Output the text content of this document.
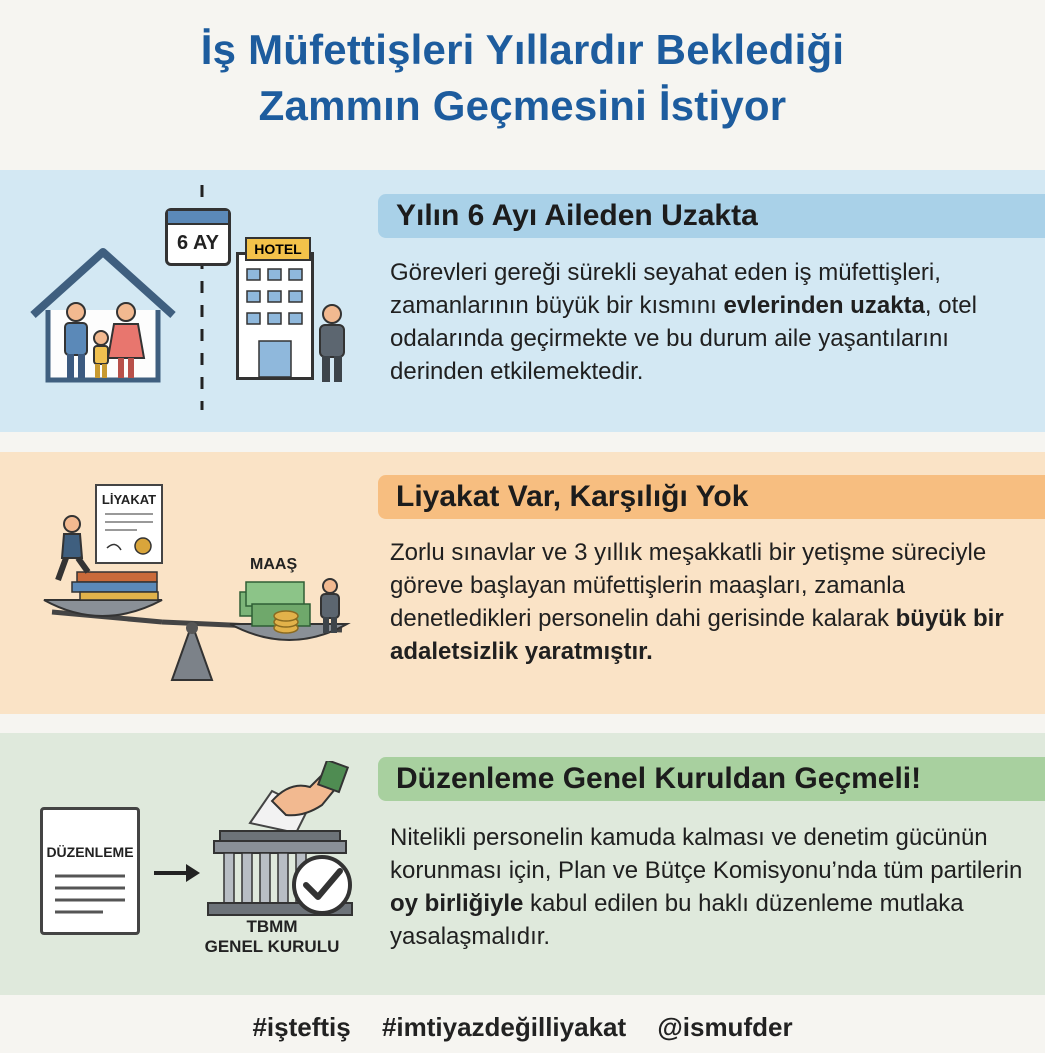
İş Müfettişleri Yıllardır Beklediği
Zammın Geçmesini İstiyor
6 AY	HOTEL
Yılın 6 Ayı Aileden Uzakta
Görevleri gereği sürekli seyahat eden iş müfettişleri, zamanlarının büyük bir kısmını evlerinden uzakta, otel odalarında geçirmekte ve bu durum aile yaşantılarını derinden etkilemektedir.
LİYAKAT
MAAŞ
Liyakat Var, Karşılığı Yok
Zorlu sınavlar ve 3 yıllık meşakkatli bir yetişme süreciyle göreve başlayan müfettişlerin maaşları, zamanla denetledikleri personelin dahi gerisinde kalarak büyük bir adaletsizlik yaratmıştır.
DÜZENLEME
TBMM
GENEL KURULU
Düzenleme Genel Kuruldan Geçmeli!
Nitelikli personelin kamuda kalması ve denetim gücünün korunması için, Plan ve Bütçe Komisyonu’nda tüm partilerin oy birliğiyle kabul edilen bu haklı düzenleme mutlaka yasalaşmalıdır.
#işteftiş #imtiyazdeğilliyakat @ismufder
